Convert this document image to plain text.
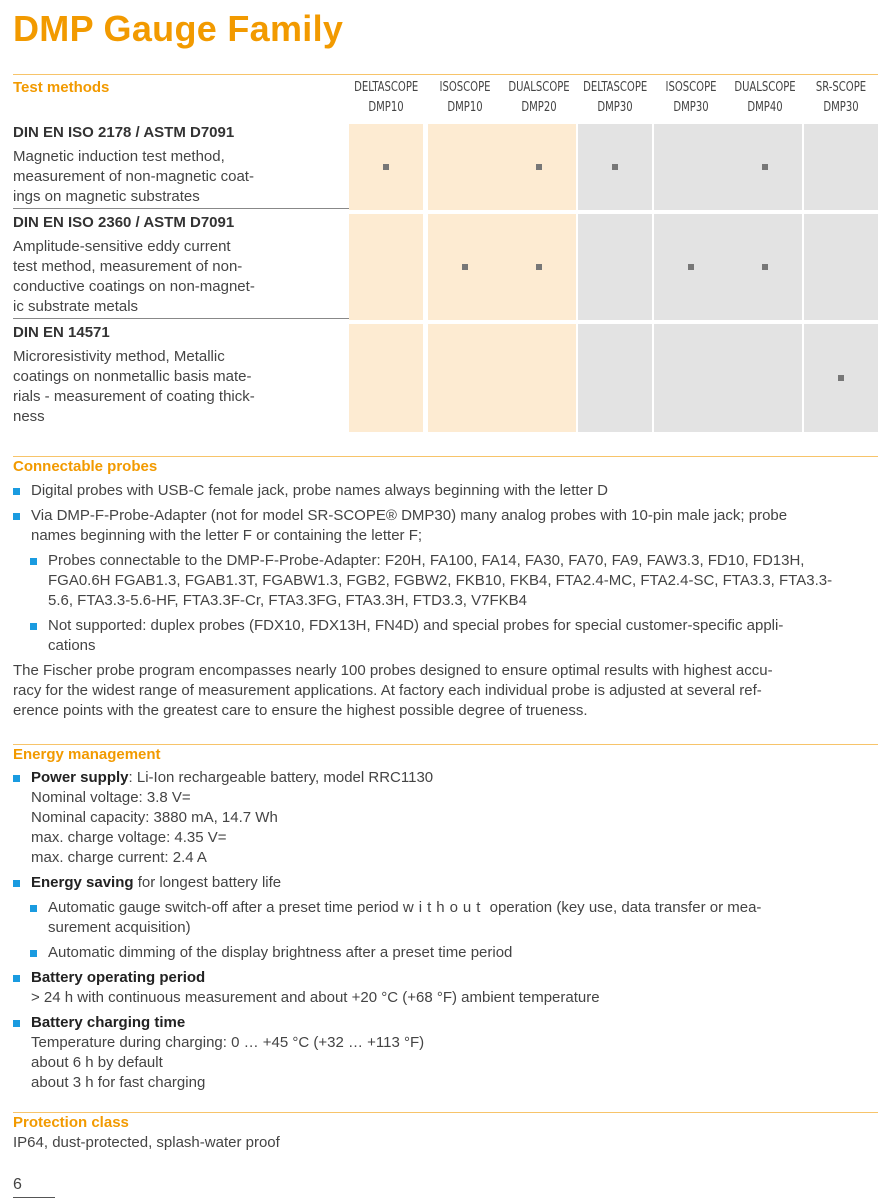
DMP Gauge Family
Test methods	DELTASCOPE
DMP10
ISOSCOPE
DMP10
DUALSCOPE
DMP20
DELTASCOPE
DMP30
ISOSCOPE
DMP30
DUALSCOPE
DMP40
SR-SCOPE
DMP30
DIN EN ISO 2178 / ASTM D7091
Magnetic induction test method,
measurement of non-magnetic coat-
ings on magnetic substrates
DIN EN ISO 2360 / ASTM D7091
Amplitude-sensitive eddy current
test method, measurement of non-
conductive coatings on non-magnet-
ic substrate metals
DIN EN 14571
Microresistivity method, Metallic
coatings on nonmetallic basis mate-
rials - measurement of coating thick-
ness
Connectable probes
Digital probes with USB-C female jack, probe names always beginning with the letter D
Via DMP-F-Probe-Adapter (not for model SR-SCOPE® DMP30) many analog probes with 10-pin male jack; probe
names beginning with the letter F or containing the letter F;
Probes connectable to the DMP-F-Probe-Adapter: F20H, FA100, FA14, FA30, FA70, FA9, FAW3.3, FD10, FD13H,
FGA0.6H FGAB1.3, FGAB1.3T, FGABW1.3, FGB2, FGBW2, FKB10, FKB4, FTA2.4-MC, FTA2.4-SC, FTA3.3, FTA3.3-
5.6, FTA3.3-5.6-HF, FTA3.3F-Cr, FTA3.3FG, FTA3.3H, FTD3.3, V7FKB4
Not supported: duplex probes (FDX10, FDX13H, FN4D) and special probes for special customer-specific appli-
cations
The Fischer probe program encompasses nearly 100 probes designed to ensure optimal results with highest accu-
racy for the widest range of measurement applications. At factory each individual probe is adjusted at several ref-
erence points with the greatest care to ensure the highest possible degree of trueness.
Energy management
Power supply: Li-Ion rechargeable battery, model RRC1130
Nominal voltage: 3.8 V=
Nominal capacity: 3880 mA, 14.7 Wh
max. charge voltage: 4.35 V=
max. charge current: 2.4 A
Energy saving for longest battery life
Automatic gauge switch-off after a preset time period without operation (key use, data transfer or mea-
surement acquisition)
Automatic dimming of the display brightness after a preset time period
Battery operating period
> 24 h with continuous measurement and about +20 °C (+68 °F) ambient temperature
Battery charging time
Temperature during charging: 0 … +45 °C (+32 … +113 °F)
about 6 h by default
about 3 h for fast charging
Protection class
IP64, dust-protected, splash-water proof
6
